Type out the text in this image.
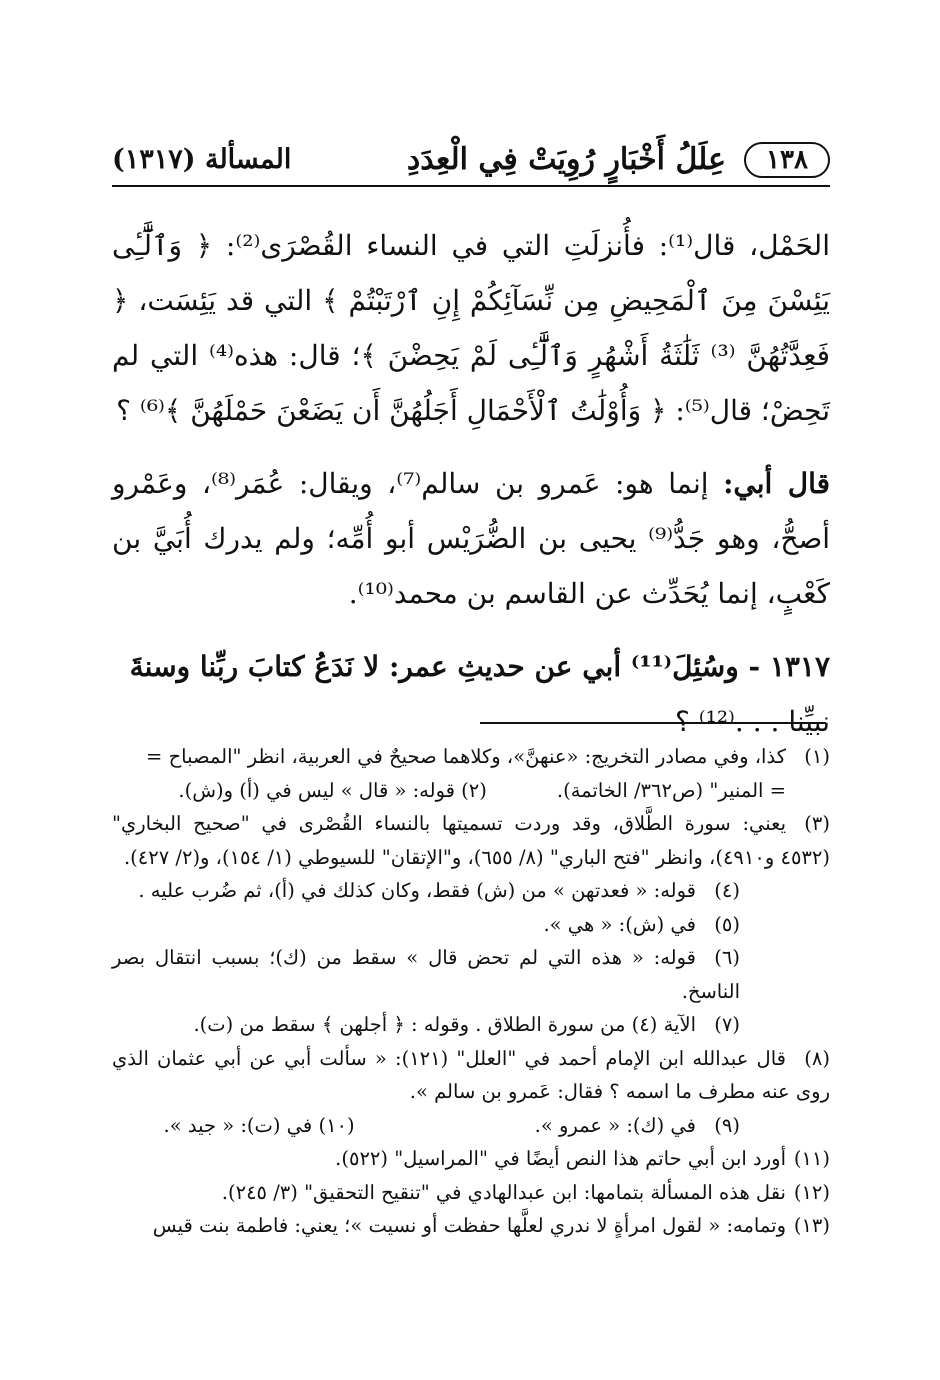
١٣٨
عِلَلُ أَخْبَارٍ رُوِيَتْ فِي الْعِدَدِ
المسألة (١٣١٧)

الحَمْل، قال⁽¹⁾: فأُنزلَتِ التي في النساء القُصْرَى⁽²⁾: ﴿ وَٱلَّٰٓـِٔى يَئِسْنَ مِنَ ٱلْمَحِيضِ مِن نِّسَآئِكُمْ إِنِ ٱرْتَبْتُمْ ﴾ التي قد يَئِسَت، ﴿ فَعِدَّتُهُنَّ ⁽³⁾ ثَلَٰثَةُ أَشْهُرٍ وَٱلَّٰٓـِٔى لَمْ يَحِضْنَ ﴾؛ قال: هذه⁽⁴⁾ التي لم تَحِضْ؛ قال⁽⁵⁾: ﴿ وَأُوْلَٰتُ ٱلْأَحْمَالِ أَجَلُهُنَّ أَن يَضَعْنَ حَمْلَهُنَّ ﴾⁽⁶⁾ ؟

قال أبي: إنما هو: عَمرو بن سالم⁽⁷⁾، ويقال: عُمَر⁽⁸⁾، وعَمْرو أصحُّ، وهو جَدُّ⁽⁹⁾ يحيى بن الضُّرَيْس أبو أُمِّه؛ ولم يدرك أُبَيَّ بن كَعْبٍ، إنما يُحَدِّث عن القاسم بن محمد⁽¹⁰⁾.

١٣١٧ - وسُئِلَ⁽¹¹⁾ أبي عن حديثِ عمر: لا نَدَعُ كتابَ ربِّنا وسنةَ
نبيِّنا . . .⁽¹²⁾ ؟

(١)كذا، وفي مصادر التخريج: «عنهنَّ»، وكلاهما صحيحٌ في العربية، انظر "المصباح =

= المنير" (ص٣٦٢/ الخاتمة).(٢) قوله: « قال » ليس في (أ) و(ش).

(٣)يعني: سورة الطَّلاق، وقد وردت تسميتها بالنساء القُصْرى في "صحيح البخاري" (٤٥٣٢ و٤٩١٠)، وانظر "فتح الباري" (٨/ ٦٥٥)، و"الإتقان" للسيوطي (١/ ١٥٤)، و(٢/ ٤٢٧).

(٤)قوله: « فعدتهن » من (ش) فقط، وكان كذلك في (أ)، ثم ضُرب عليه .

(٥)في (ش): « هي ».

(٦)قوله: « هذه التي لم تحض قال » سقط من (ك)؛ بسبب انتقال بصر الناسخ.

(٧)الآية (٤) من سورة الطلاق . وقوله : ﴿ أجلهن ﴾ سقط من (ت).

(٨)قال عبدالله ابن الإمام أحمد في "العلل" (١٢١): « سألت أبي عن أبي عثمان الذي روى عنه مطرف ما اسمه ؟ فقال: عَمرو بن سالم ».

(٩)في (ك): « عمرو ».(١٠) في (ت): « جيد ».

(١١)أورد ابن أبي حاتم هذا النص أيضًا في "المراسيل" (٥٢٢).

(١٢)نقل هذه المسألة بتمامها: ابن عبدالهادي في "تنقيح التحقيق" (٣/ ٢٤٥).

(١٣)وتمامه: « لقول امرأةٍ لا ندري لعلَّها حفظت أو نسيت »؛ يعني: فاطمة بنت قيس
